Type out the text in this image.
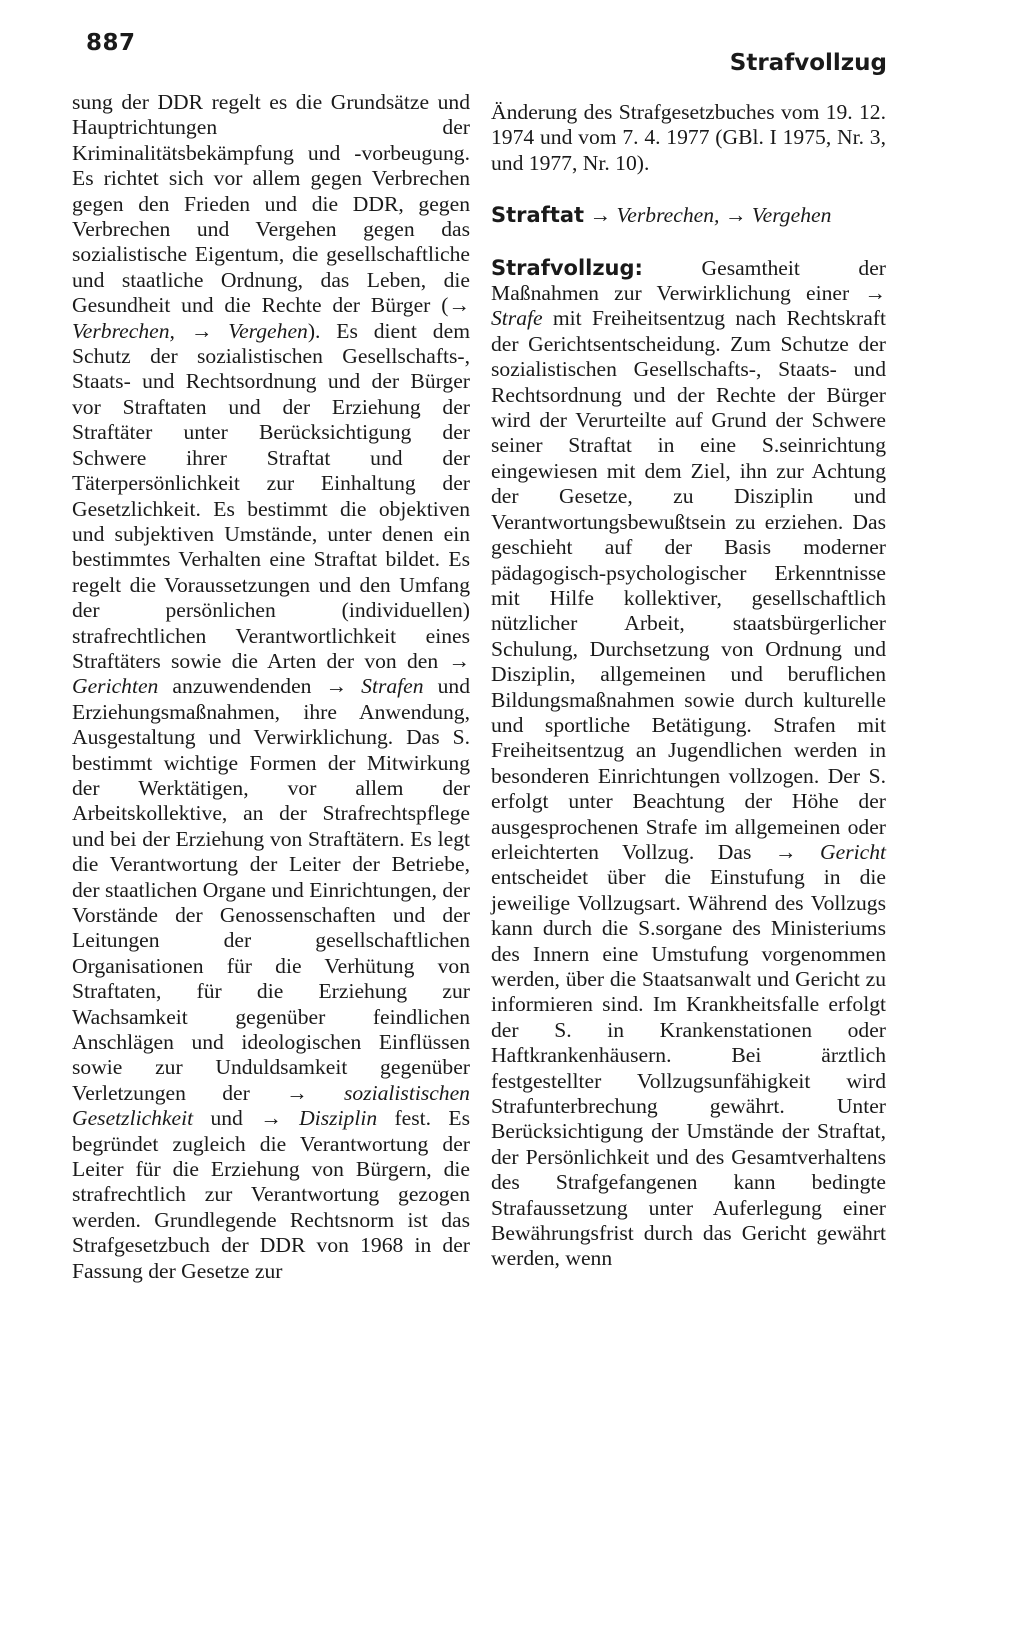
887
Strafvollzug

sung der DDR regelt es die Grundsätze und Hauptrichtungen der Kriminalitätsbekämpfung und -vorbeugung. Es richtet sich vor allem gegen Verbrechen gegen den Frieden und die DDR, gegen Verbrechen und Vergehen gegen das sozialistische Eigentum, die gesellschaftliche und staatliche Ordnung, das Leben, die Gesundheit und die Rechte der Bürger (→ Verbrechen, → Vergehen). Es dient dem Schutz der sozialistischen Gesellschafts-, Staats- und Rechtsordnung und der Bürger vor Straftaten und der Erziehung der Straftäter unter Berücksichtigung der Schwere ihrer Straftat und der Täterpersönlichkeit zur Einhaltung der Gesetzlichkeit. Es bestimmt die objektiven und subjektiven Umstände, unter denen ein bestimmtes Verhalten eine Straftat bildet. Es regelt die Voraussetzungen und den Umfang der persönlichen (individuellen) strafrechtlichen Verantwortlichkeit eines Straftäters sowie die Arten der von den → Gerichten anzuwendenden → Strafen und Erziehungsmaßnahmen, ihre Anwendung, Ausgestaltung und Verwirklichung. Das S. bestimmt wichtige Formen der Mitwirkung der Werktätigen, vor allem der Arbeitskollektive, an der Strafrechtspflege und bei der Erziehung von Straftätern. Es legt die Verantwortung der Leiter der Betriebe, der staatlichen Organe und Einrichtungen, der Vorstände der Genossenschaften und der Leitungen der gesellschaftlichen Organisationen für die Verhütung von Straftaten, für die Erziehung zur Wachsamkeit gegenüber feindlichen Anschlägen und ideologischen Einflüssen sowie zur Unduldsamkeit gegenüber Verletzungen der → sozialistischen Gesetzlichkeit und → Disziplin fest. Es begründet zugleich die Verantwortung der Leiter für die Erziehung von Bürgern, die strafrechtlich zur Verantwortung gezogen werden. Grundlegende Rechtsnorm ist das Strafgesetzbuch der DDR von 1968 in der Fassung der Gesetze zur

Änderung des Strafgesetzbuches vom 19. 12. 1974 und vom 7. 4. 1977 (GBl. I 1975, Nr. 3, und 1977, Nr. 10).

Straftat → Verbrechen, → Vergehen

Strafvollzug: Gesamtheit der Maßnahmen zur Verwirklichung einer → Strafe mit Freiheitsentzug nach Rechtskraft der Gerichtsentscheidung. Zum Schutze der sozialistischen Gesellschafts-, Staats- und Rechtsordnung und der Rechte der Bürger wird der Verurteilte auf Grund der Schwere seiner Straftat in eine S.seinrichtung eingewiesen mit dem Ziel, ihn zur Achtung der Gesetze, zu Disziplin und Verantwortungsbewußtsein zu erziehen. Das geschieht auf der Basis moderner pädagogisch-psychologischer Erkenntnisse mit Hilfe kollektiver, gesellschaftlich nützlicher Arbeit, staatsbürgerlicher Schulung, Durchsetzung von Ordnung und Disziplin, allgemeinen und beruflichen Bildungsmaßnahmen sowie durch kulturelle und sportliche Betätigung. Strafen mit Freiheitsentzug an Jugendlichen werden in besonderen Einrichtungen vollzogen. Der S. erfolgt unter Beachtung der Höhe der ausgesprochenen Strafe im allgemeinen oder erleichterten Vollzug. Das → Gericht entscheidet über die Einstufung in die jeweilige Vollzugsart. Während des Vollzugs kann durch die S.sorgane des Ministeriums des Innern eine Umstufung vorgenommen werden, über die Staatsanwalt und Gericht zu informieren sind. Im Krankheitsfalle erfolgt der S. in Krankenstationen oder Haftkrankenhäusern. Bei ärztlich festgestellter Vollzugsunfähigkeit wird Strafunterbrechung gewährt. Unter Berücksichtigung der Umstände der Straftat, der Persönlichkeit und des Gesamtverhaltens des Strafgefangenen kann bedingte Strafaussetzung unter Auferlegung einer Bewährungsfrist durch das Gericht gewährt werden, wenn
